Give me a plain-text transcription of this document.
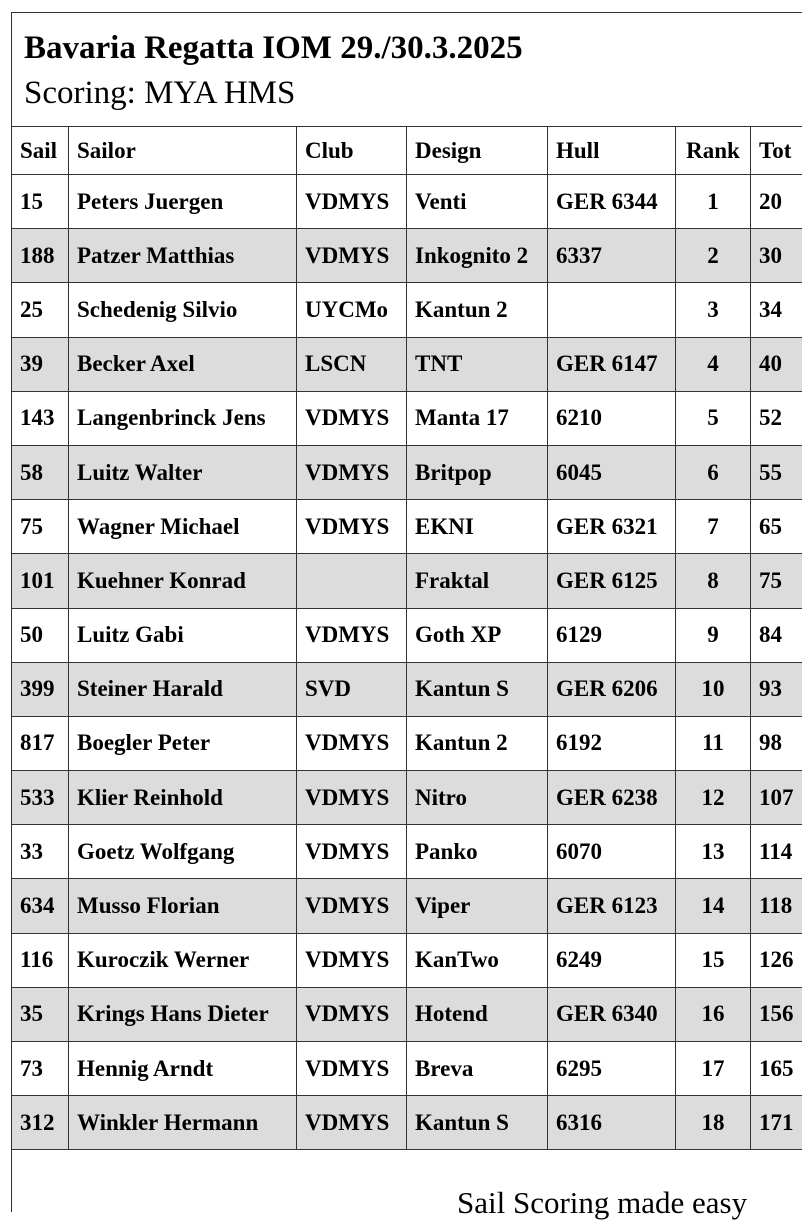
Bavaria Regatta IOM 29./30.3.2025
Scoring: MYA HMS
Sail	Sailor	Club	Design	Hull	Rank	Tot
15	Peters Juergen	VDMYS	Venti	GER 6344	1	20
188	Patzer Matthias	VDMYS	Inkognito 2	6337	2	30
25	Schedenig Silvio	UYCMo	Kantun 2		3	34
39	Becker Axel	LSCN	TNT	GER 6147	4	40
143	Langenbrinck Jens	VDMYS	Manta 17	6210	5	52
58	Luitz Walter	VDMYS	Britpop	6045	6	55
75	Wagner Michael	VDMYS	EKNI	GER 6321	7	65
101	Kuehner Konrad		Fraktal	GER 6125	8	75
50	Luitz Gabi	VDMYS	Goth XP	6129	9	84
399	Steiner Harald	SVD	Kantun S	GER 6206	10	93
817	Boegler Peter	VDMYS	Kantun 2	6192	11	98
533	Klier Reinhold	VDMYS	Nitro	GER 6238	12	107
33	Goetz Wolfgang	VDMYS	Panko	6070	13	114
634	Musso Florian	VDMYS	Viper	GER 6123	14	118
116	Kuroczik Werner	VDMYS	KanTwo	6249	15	126
35	Krings Hans Dieter	VDMYS	Hotend	GER 6340	16	156
73	Hennig Arndt	VDMYS	Breva	6295	17	165
312	Winkler Hermann	VDMYS	Kantun S	6316	18	171
Sail Scoring made easy
